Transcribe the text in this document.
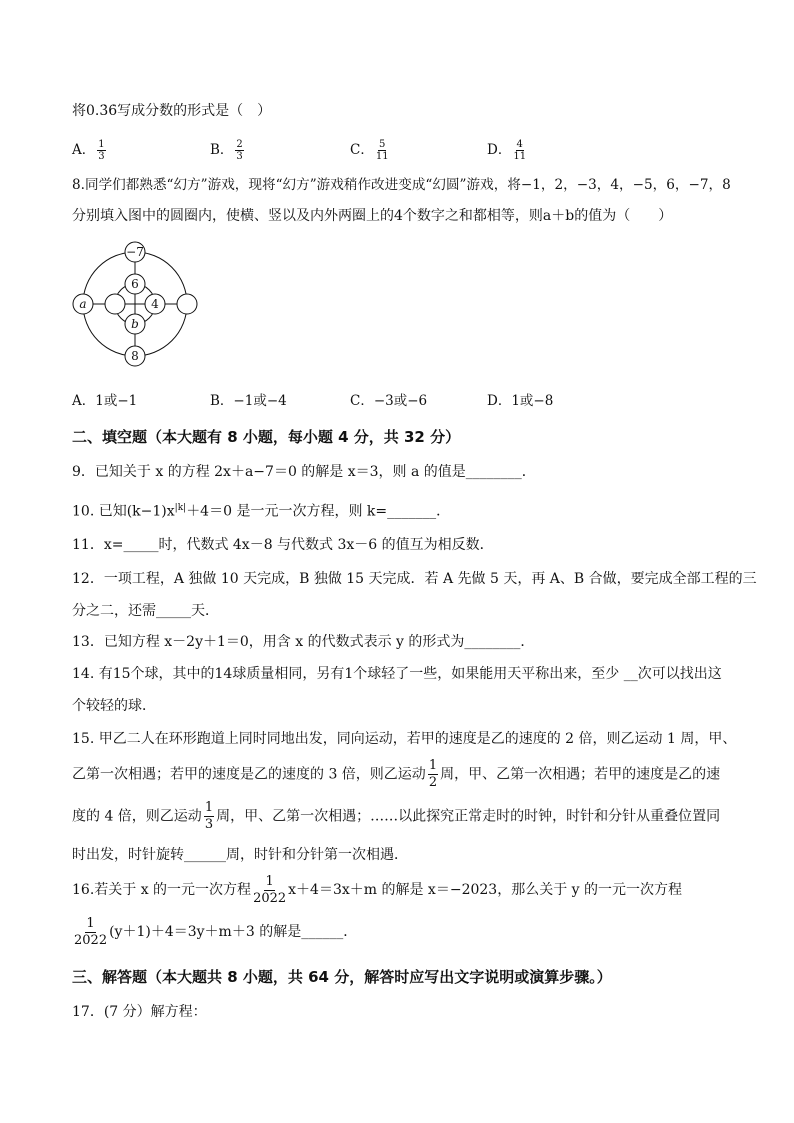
将0.3̇6̇写成分数的形式是（　）
A． $\frac{1}{3}$	B． $\frac{2}{3}$	C． $\frac{5}{11}$	D． $\frac{4}{11}$
8.同学们都熟悉“幻方”游戏，现将“幻方”游戏稍作改进变成“幻圆”游戏，将−1，2，−3，4，−5，6，−7，8
分别填入图中的圆圈内，使横、竖以及内外两圈上的4个数字之和都相等，则a＋b的值为（　　）
−7
8
a
6
4
b
A．1或−1	B．−1或−4	C．−3或−6	D．1或−8
二、填空题（本大题有 8 小题，每小题 4 分，共 32 分）
9．已知关于 x 的方程 2x＋a−7＝0 的解是 x＝3，则 a 的值是________．
10. 已知$(k-1)x^{|k|}+4=0$ 是一元一次方程，则 k=_______．
11．x=_____时，代数式 4x－8 与代数式 3x－6 的值互为相反数．
12．一项工程，A 独做 10 天完成，B 独做 15 天完成．若 A 先做 5 天，再 A、B 合做，要完成全部工程的三
分之二，还需_____天．
13．已知方程 x－2y＋1＝0，用含 x 的代数式表示 y 的形式为________．
14. 有15个球，其中的14球质量相同，另有1个球轻了一些，如果能用天平称出来，至少 __次可以找出这
个较轻的球．
15. 甲乙二人在环形跑道上同时同地出发，同向运动，若甲的速度是乙的速度的 2 倍，则乙运动 1 周，甲、
乙第一次相遇；若甲的速度是乙的速度的 3 倍，则乙运动 $\frac{1}{2}$ 周，甲、乙第一次相遇；若甲的速度是乙的速
度的 4 倍，则乙运动 $\frac{1}{3}$ 周，甲、乙第一次相遇；……以此探究正常走时的时钟，时针和分针从重叠位置同
时出发，时针旋转______周，时针和分针第一次相遇．
16.若关于 x 的一元一次方程 $\frac{1}{2022} x+4=3x+m$ 的解是 x＝−2023，那么关于 y 的一元一次方程
$\frac{1}{2022} (y+1)+4=3y+m+3$ 的解是______．
三、解答题（本大题共 8 小题，共 64 分，解答时应写出文字说明或演算步骤。）
17．(7 分）解方程：
